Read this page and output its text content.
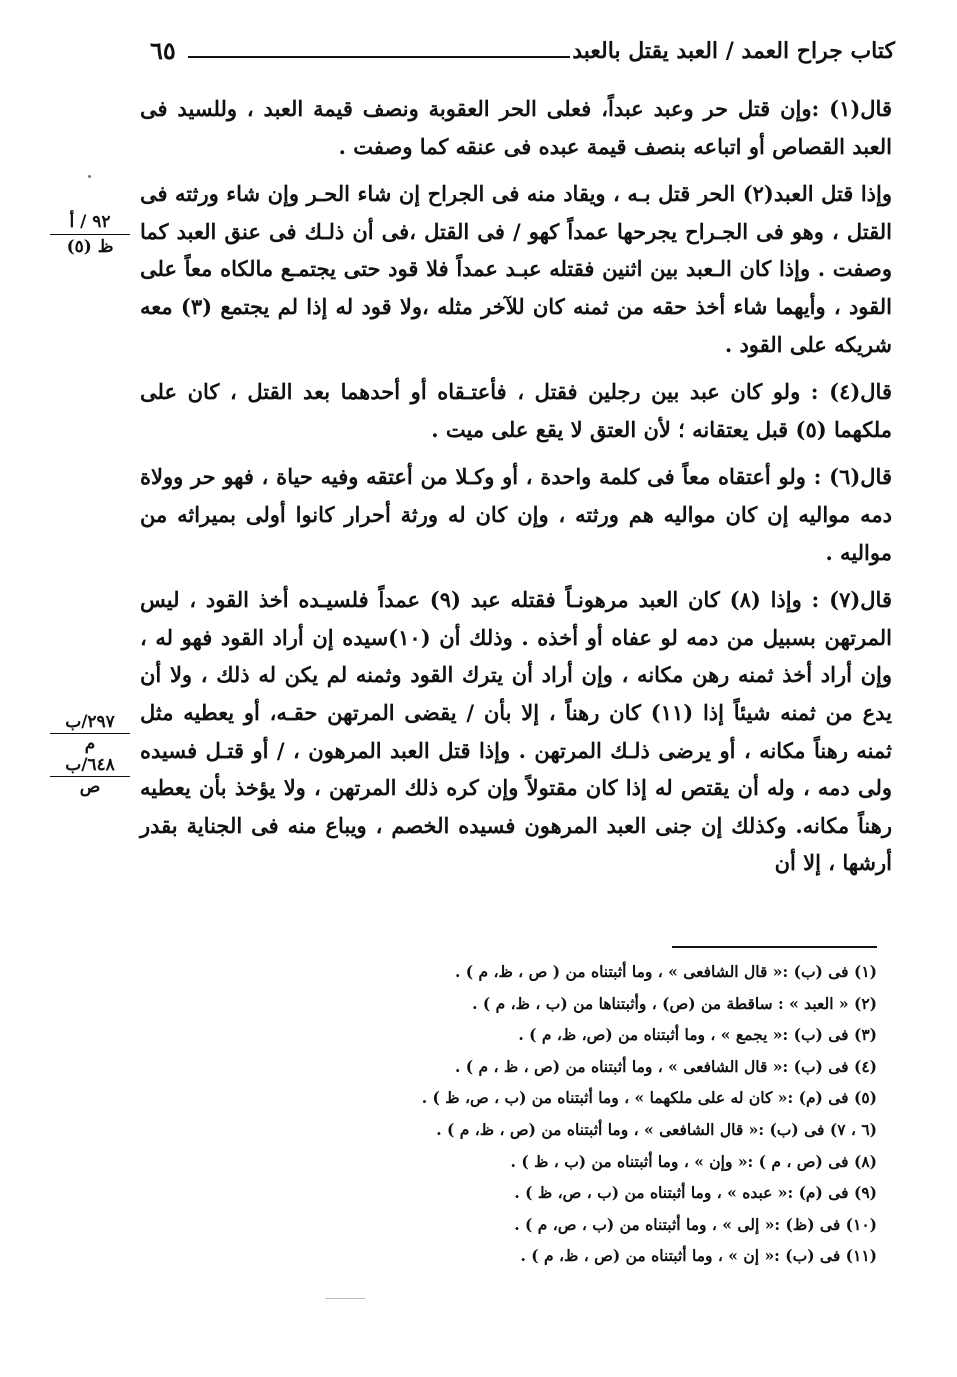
كتاب جراح العمد / العبد يقتل بالعبد
٦٥

قال(١) :وإن قتل حر وعبد عبداً، فعلى الحر العقوبة ونصف قيمة العبد ، وللسيد فى العبد القصاص أو اتباعه بنصف قيمة عبده فى عنقه كما وصفت .

وإذا قتل العبد(٢) الحر قتل بـه ، ويقاد منه فى الجراح إن شاء الحـر وإن شاء ورثته فى القتل ، وهو فى الجـراح يجرحها عمداً كهو / فى القتل ،فى أن ذلـك فى عنق العبد كما وصفت . وإذا كان الـعبد بين اثنين فقتله عبـد عمداً فلا قود حتى يجتمـع مالكاه معاً على القود ، وأيهما شاء أخذ حقه من ثمنه كان للآخر مثله ،ولا قود له إذا لم يجتمع (٣) معه شريكه على القود .

قال(٤) : ولو كان عبد بين رجلين فقتل ، فأعتـقاه أو أحدهما بعد القتل ، كان على ملكهما (٥) قبل يعتقانه ؛ لأن العتق لا يقع على ميت .

قال(٦) : ولو أعتقاه معاً فى كلمة واحدة ، أو وكـلا من أعتقه وفيه حياة ، فهو حر وولاة دمه مواليه إن كان مواليه هم ورثته ، وإن كان له ورثة أحرار كانوا أولى بميراثه من مواليه .

قال(٧) : وإذا (٨) كان العبد مرهونـاً فقتله عبد (٩) عمداً فلسيـده أخذ القود ، ليس المرتهن بسبيل من دمه لو عفاه أو أخذه . وذلك أن (١٠)سيده إن أراد القود فهو له ، وإن أراد أخذ ثمنه رهن مكانه ، وإن أراد أن يترك القود وثمنه لم يكن له ذلك ، ولا أن يدع من ثمنه شيئاً إذا (١١) كان رهناً ، إلا بأن / يقضى المرتهن حقـه، أو يعطيه مثل ثمنه رهناً مكانه ، أو يرضى ذلـك المرتهن . وإذا قتل العبد المرهون ، / أو قتـل فسيده ولى دمه ، وله أن يقتص له إذا كان مقتولاً وإن كره ذلك المرتهن ، ولا يؤخذ بأن يعطيه رهناً مكانه. وكذلك إن جنى العبد المرهون فسيده الخصم ، ويباع منه فى الجناية بقدر أرشها ، إلا أن

٩٢ / أ
ظ (٥)
٢٩٧/ب
م
٦٤٨/ب
ص
(١) فى (ب) :« قال الشافعى » ، وما أثبتناه من ( ص ، ظ، م ) .
(٢) « العبد » : ساقطة من (ص) ، وأثبتناها من (ب ، ظ، م ) .
(٣) فى (ب) :« يجمع » ، وما أثبتناه من (ص، ظ، م ) .
(٤) فى (ب) :« قال الشافعى » ، وما أثبتناه من (ص ، ظ ، م ) .
(٥) فى (م) :« كان له على ملكهما » ، وما أثبتناه من (ب ، ص، ظ ) .
(٦ ، ٧) فى (ب) :« قال الشافعى » ، وما أثبتناه من (ص ، ظ، م ) .
(٨) فى (ص ، م ) :« وإن » ، وما أثبتناه من (ب ، ظ ) .
(٩) فى (م) :« عبده » ، وما أثبتناه من (ب ، ص، ظ ) .
(١٠) فى (ظ) :« إلى » ، وما أثبتناه من (ب ، ص، م ) .
(١١) فى (ب) :« إن » ، وما أثبتناه من (ص ، ظ، م ) .
